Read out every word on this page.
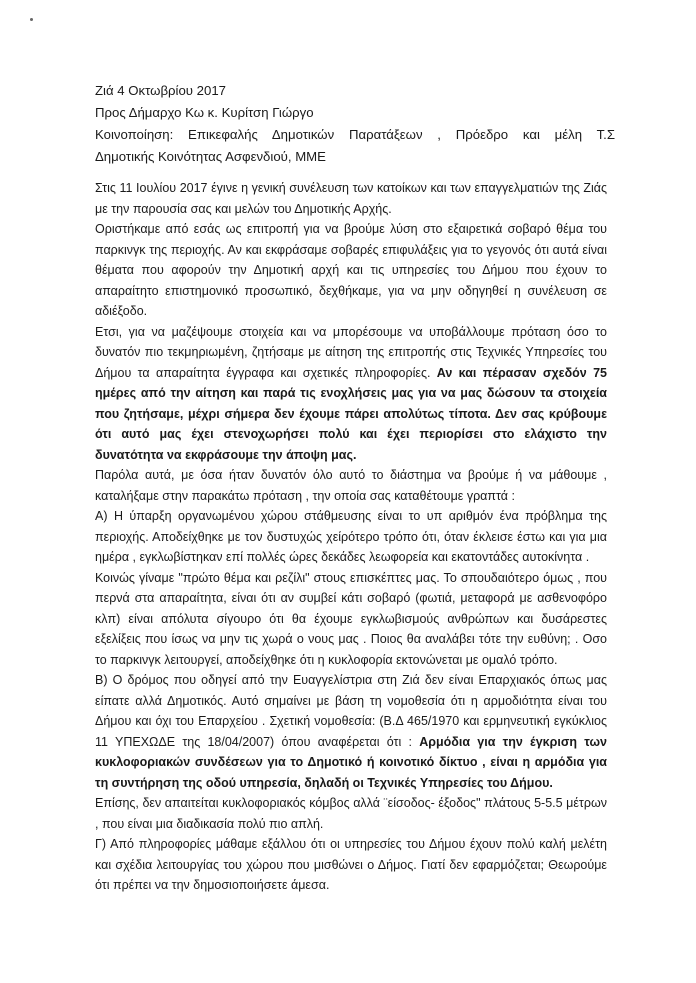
Ζιά 4 Οκτωβρίου 2017

Προς Δήμαρχο Κω κ. Κυρίτση Γιώργο

Κοινοποίηση: Επικεφαλής Δημοτικών Παρατάξεων , Πρόεδρο και μέλη Τ.Σ

Δημοτικής Κοινότητας Ασφενδιού, ΜΜΕ

Στις 11 Ιουλίου 2017 έγινε η γενική συνέλευση των κατοίκων και των επαγγελματιών της Ζιάς με την παρουσία σας και μελών του Δημοτικής Αρχής.

Οριστήκαμε από εσάς ως επιτροπή για να βρούμε λύση στο εξαιρετικά σοβαρό θέμα του παρκινγκ της περιοχής. Αν και εκφράσαμε σοβαρές επιφυλάξεις για το γεγονός ότι αυτά είναι θέματα που αφορούν την Δημοτική αρχή και τις υπηρεσίες του Δήμου που έχουν το απαραίτητο επιστημονικό προσωπικό, δεχθήκαμε, για να μην οδηγηθεί η συνέλευση σε αδιέξοδο.

Ετσι, για να μαζέψουμε στοιχεία και να μπορέσουμε να υποβάλλουμε πρόταση όσο το δυνατόν πιο τεκμηριωμένη, ζητήσαμε με αίτηση της επιτροπής στις Τεχνικές Υπηρεσίες του Δήμου τα απαραίτητα έγγραφα και σχετικές πληροφορίες. Αν και πέρασαν σχεδόν 75 ημέρες από την αίτηση και παρά τις ενοχλήσεις μας για να μας δώσουν τα στοιχεία που ζητήσαμε, μέχρι σήμερα δεν έχουμε πάρει απολύτως τίποτα. Δεν σας κρύβουμε ότι αυτό μας έχει στενοχωρήσει πολύ και έχει περιορίσει στο ελάχιστο την δυνατότητα να εκφράσουμε την άποψη μας.

Παρόλα αυτά, με όσα ήταν δυνατόν όλο αυτό το διάστημα να βρούμε ή να μάθουμε , καταλήξαμε στην παρακάτω πρόταση , την οποία σας καταθέτουμε γραπτά :

Α) Η ύπαρξη οργανωμένου χώρου στάθμευσης είναι το υπ αριθμόν ένα πρόβλημα της περιοχής. Αποδείχθηκε με τον δυστυχώς χείρότερο τρόπο ότι, όταν έκλεισε έστω και για μια ημέρα , εγκλωβίστηκαν επί πολλές ώρες δεκάδες λεωφορεία και εκατοντάδες αυτοκίνητα .

Κοινώς γίναμε "πρώτο θέμα και ρεζίλι" στους επισκέπτες μας. Το σπουδαιότερο όμως , που περνά στα απαραίτητα, είναι ότι αν συμβεί κάτι σοβαρό (φωτιά, μεταφορά με ασθενοφόρο κλπ) είναι απόλυτα σίγουρο ότι θα έχουμε εγκλωβισμούς ανθρώπων και δυσάρεστες εξελίξεις που ίσως να μην τις χωρά ο νους μας . Ποιος θα αναλάβει τότε την ευθύνη; . Οσο το παρκινγκ λειτουργεί, αποδείχθηκε ότι η κυκλοφορία εκτονώνεται με ομαλό τρόπο.

Β) Ο δρόμος που οδηγεί από την Ευαγγελίστρια στη Ζιά δεν είναι Επαρχιακός όπως μας είπατε αλλά Δημοτικός. Αυτό σημαίνει με βάση τη νομοθεσία ότι η αρμοδιότητα είναι του Δήμου και όχι του Επαρχείου . Σχετική νομοθεσία: (Β.Δ 465/1970 και ερμηνευτική εγκύκλιος 11 ΥΠΕΧΩΔΕ της 18/04/2007) όπου αναφέρεται ότι : Αρμόδια για την έγκριση των κυκλοφοριακών συνδέσεων για το Δημοτικό ή κοινοτικό δίκτυο , είναι η αρμόδια για τη συντήρηση της οδού υπηρεσία, δηλαδή οι Τεχνικές Υπηρεσίες του Δήμου.

Επίσης, δεν απαιτείται κυκλοφοριακός κόμβος αλλά ¨είσοδος- έξοδος" πλάτους 5-5.5 μέτρων , που είναι μια διαδικασία πολύ πιο απλή.

Γ) Από πληροφορίες μάθαμε εξάλλου ότι οι υπηρεσίες του Δήμου έχουν πολύ καλή μελέτη και σχέδια λειτουργίας του χώρου που μισθώνει ο Δήμος. Γιατί δεν εφαρμόζεται; Θεωρούμε ότι πρέπει να την δημοσιοποιήσετε άμεσα.
